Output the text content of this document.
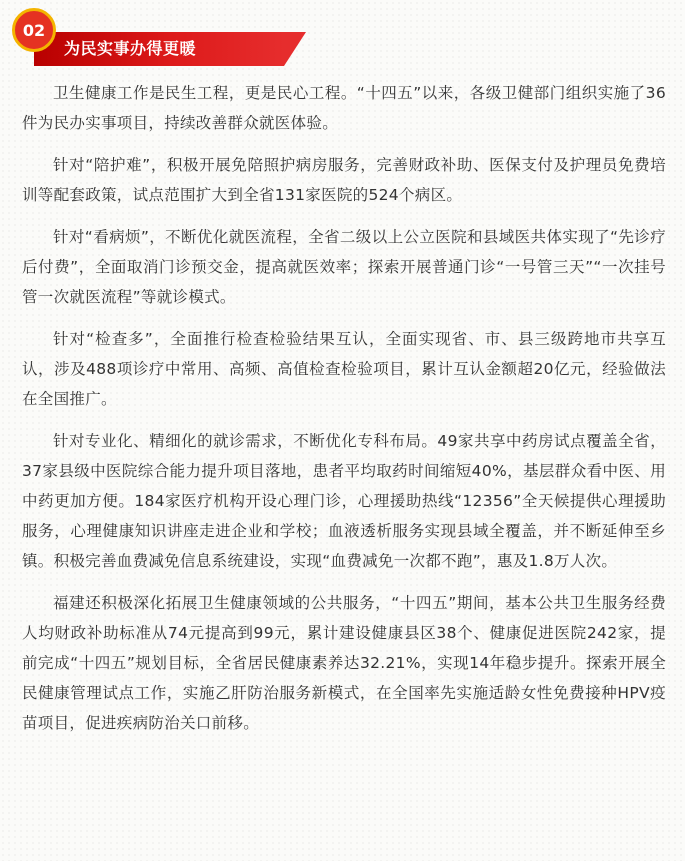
02
为民实事办得更暖

卫生健康工作是民生工程，更是民心工程。“十四五”以来，各级卫健部门组织实施了36件为民办实事项目，持续改善群众就医体验。

针对“陪护难”，积极开展免陪照护病房服务，完善财政补助、医保支付及护理员免费培训等配套政策，试点范围扩大到全省131家医院的524个病区。

针对“看病烦”，不断优化就医流程，全省二级以上公立医院和县域医共体实现了“先诊疗后付费”，全面取消门诊预交金，提高就医效率；探索开展普通门诊“一号管三天”“一次挂号管一次就医流程”等就诊模式。

针对“检查多”，全面推行检查检验结果互认，全面实现省、市、县三级跨地市共享互认，涉及488项诊疗中常用、高频、高值检查检验项目，累计互认金额超20亿元，经验做法在全国推广。

针对专业化、精细化的就诊需求，不断优化专科布局。49家共享中药房试点覆盖全省，37家县级中医院综合能力提升项目落地，患者平均取药时间缩短40%，基层群众看中医、用中药更加方便。184家医疗机构开设心理门诊，心理援助热线“12356”全天候提供心理援助服务，心理健康知识讲座走进企业和学校；血液透析服务实现县域全覆盖，并不断延伸至乡镇。积极完善血费减免信息系统建设，实现“血费减免一次都不跑”，惠及1.8万人次。

福建还积极深化拓展卫生健康领域的公共服务，“十四五”期间，基本公共卫生服务经费人均财政补助标准从74元提高到99元，累计建设健康县区38个、健康促进医院242家，提前完成“十四五”规划目标，全省居民健康素养达32.21%，实现14年稳步提升。探索开展全民健康管理试点工作，实施乙肝防治服务新模式，在全国率先实施适龄女性免费接种HPV疫苗项目，促进疾病防治关口前移。
